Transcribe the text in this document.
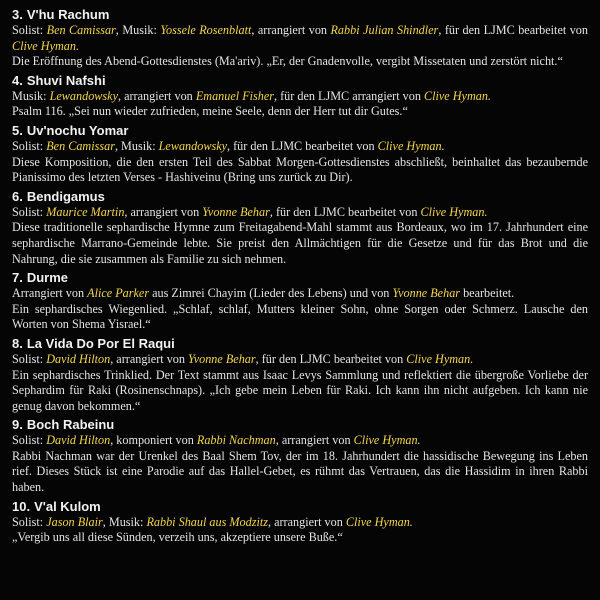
3. V'hu Rachum

Solist: Ben Camissar, Musik: Yossele Rosenblatt, arrangiert von Rabbi Julian Shindler, für den LJMC bearbeitet von Clive Hyman.

Die Eröffnung des Abend-Gottesdienstes (Ma'ariv). „Er, der Gnadenvolle, vergibt Missetaten und zerstört nicht.“

4. Shuvi Nafshi

Musik: Lewandowsky, arrangiert von Emanuel Fisher, für den LJMC arrangiert von Clive Hyman.

Psalm 116. „Sei nun wieder zufrieden, meine Seele, denn der Herr tut dir Gutes.“

5. Uv'nochu Yomar

Solist: Ben Camissar, Musik: Lewandowsky, für den LJMC bearbeitet von Clive Hyman.

Diese Komposition, die den ersten Teil des Sabbat Morgen-Gottesdienstes abschließt, beinhaltet das bezaubernde Pianissimo des letzten Verses - Hashiveinu (Bring uns zurück zu Dir).

6. Bendigamus

Solist: Maurice Martin, arrangiert von Yvonne Behar, für den LJMC bearbeitet von Clive Hyman.

Diese traditionelle sephardische Hymne zum Freitagabend-Mahl stammt aus Bordeaux, wo im 17. Jahrhundert eine sephardische Marrano-Gemeinde lebte. Sie preist den Allmächtigen für die Gesetze und für das Brot und die Nahrung, die sie zusammen als Familie zu sich nehmen.

7. Durme

Arrangiert von Alice Parker aus Zimrei Chayim (Lieder des Lebens) und von Yvonne Behar bearbeitet.

Ein sephardisches Wiegenlied. „Schlaf, schlaf, Mutters kleiner Sohn, ohne Sorgen oder Schmerz. Lausche den Worten von Shema Yisrael.“

8. La Vida Do Por El Raqui

Solist: David Hilton, arrangiert von Yvonne Behar, für den LJMC bearbeitet von Clive Hyman.

Ein sephardisches Trinklied. Der Text stammt aus Isaac Levys Sammlung und reflektiert die übergroße Vorliebe der Sephardim für Raki (Rosinenschnaps). „Ich gebe mein Leben für Raki. Ich kann ihn nicht aufgeben. Ich kann nie genug davon bekommen.“

9. Boch Rabeinu

Solist: David Hilton, komponiert von Rabbi Nachman, arrangiert von Clive Hyman.

Rabbi Nachman war der Urenkel des Baal Shem Tov, der im 18. Jahrhundert die hassidische Bewegung ins Leben rief. Dieses Stück ist eine Parodie auf das Hallel-Gebet, es rühmt das Vertrauen, das die Hassidim in ihren Rabbi haben.

10. V'al Kulom

Solist: Jason Blair, Musik: Rabbi Shaul aus Modzitz, arrangiert von Clive Hyman.

„Vergib uns all diese Sünden, verzeih uns, akzeptiere unsere Buße.“
